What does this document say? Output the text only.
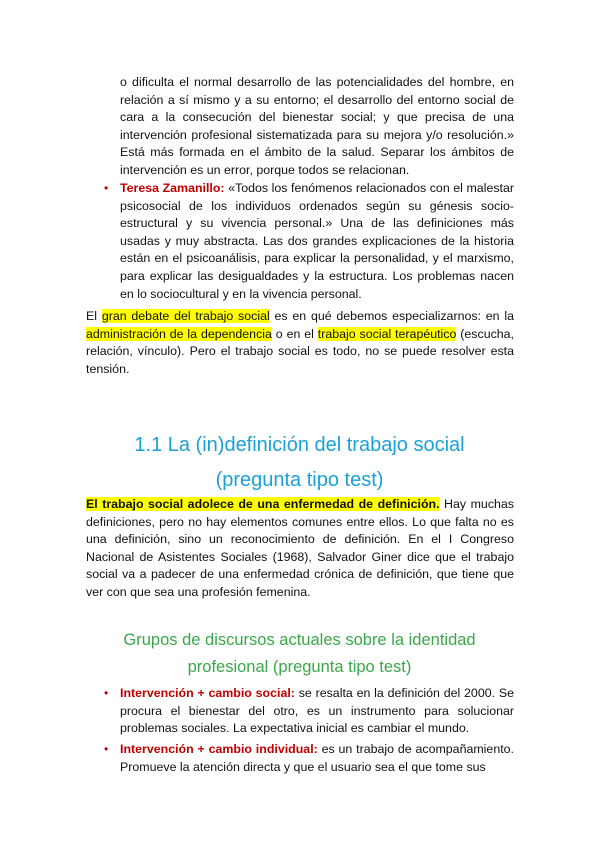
o dificulta el normal desarrollo de las potencialidades del hombre, en relación a sí mismo y a su entorno; el desarrollo del entorno social de cara a la consecución del bienestar social; y que precisa de una intervención profesional sistematizada para su mejora y/o resolución.» Está más formada en el ámbito de la salud. Separar los ámbitos de intervención es un error, porque todos se relacionan.

• Teresa Zamanillo: «Todos los fenómenos relacionados con el malestar psicosocial de los individuos ordenados según su génesis socio-estructural y su vivencia personal.» Una de las definiciones más usadas y muy abstracta. Las dos grandes explicaciones de la historia están en el psicoanálisis, para explicar la personalidad, y el marxismo, para explicar las desigualdades y la estructura. Los problemas nacen en lo sociocultural y en la vivencia personal.

El gran debate del trabajo social es en qué debemos especializarnos: en la administración de la dependencia o en el trabajo social terapéutico (escucha, relación, vínculo). Pero el trabajo social es todo, no se puede resolver esta tensión.

1.1 La (in)definición del trabajo social
(pregunta tipo test)

El trabajo social adolece de una enfermedad de definición. Hay muchas definiciones, pero no hay elementos comunes entre ellos. Lo que falta no es una definición, sino un reconocimiento de definición. En el I Congreso Nacional de Asistentes Sociales (1968), Salvador Giner dice que el trabajo social va a padecer de una enfermedad crónica de definición, que tiene que ver con que sea una profesión femenina.

Grupos de discursos actuales sobre la identidad
profesional (pregunta tipo test)
• Intervención + cambio social: se resalta en la definición del 2000. Se procura el bienestar del otro, es un instrumento para solucionar problemas sociales. La expectativa inicial es cambiar el mundo.

• Intervención + cambio individual: es un trabajo de acompañamiento. Promueve la atención directa y que el usuario sea el que tome sus
